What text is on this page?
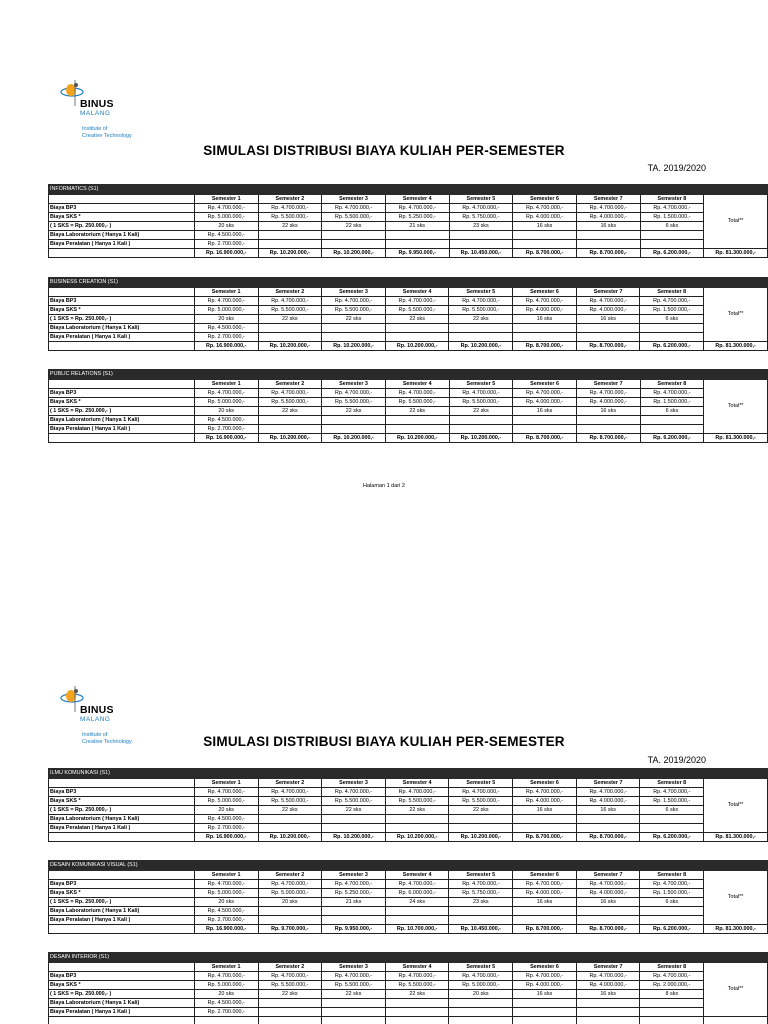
BINUS
MALANG
Institute of
Creative Technology
SIMULASI DISTRIBUSI BIAYA KULIAH PER-SEMESTER
TA. 2019/2020
INFORMATICS (S1)									
	Semester 1	Semester 2	Semester 3	Semester 4	Semester 5	Semester 6	Semester 7	Semester 8	Total**
Biaya BP3	Rp. 4.700.000,-	Rp. 4.700.000,-	Rp. 4.700.000,-	Rp. 4.700.000,-	Rp. 4.700.000,-	Rp. 4.700.000,-	Rp. 4.700.000,-	Rp. 4.700.000,-	
Biaya SKS *	Rp. 5.000.000,-	Rp. 5.500.000,-	Rp. 5.500.000,-	Rp. 5.250.000,-	Rp. 5.750.000,-	Rp. 4.000.000,-	Rp. 4.000.000,-	Rp. 1.500.000,-	
( 1 SKS = Rp. 250.000,- )	20 sks	22 sks	22 sks	21 sks	23 sks	16 sks	16 sks	6 sks	
Biaya Laboratorium ( Hanya 1 Kali)	Rp. 4.500.000,-								
Biaya Peralatan ( Hanya 1 Kali )	Rp. 2.700.000,-								
	Rp. 16.900.000,-	Rp. 10.200.000,-	Rp. 10.200.000,-	Rp. 9.950.000,-	Rp. 10.450.000,-	Rp. 8.700.000,-	Rp. 8.700.000,-	Rp. 6.200.000,-	Rp. 81.300.000,-
BUSINESS CREATION (S1)									
	Semester 1	Semester 2	Semester 3	Semester 4	Semester 5	Semester 6	Semester 7	Semester 8	Total**
Biaya BP3	Rp. 4.700.000,-	Rp. 4.700.000,-	Rp. 4.700.000,-	Rp. 4.700.000,-	Rp. 4.700.000,-	Rp. 4.700.000,-	Rp. 4.700.000,-	Rp. 4.700.000,-	
Biaya SKS *	Rp. 5.000.000,-	Rp. 5.500.000,-	Rp. 5.500.000,-	Rp. 5.500.000,-	Rp. 5.500.000,-	Rp. 4.000.000,-	Rp. 4.000.000,-	Rp. 1.500.000,-	
( 1 SKS = Rp. 250.000,- )	20 sks	22 sks	22 sks	22 sks	22 sks	16 sks	16 sks	6 sks	
Biaya Laboratorium ( Hanya 1 Kali)	Rp. 4.500.000,-								
Biaya Peralatan ( Hanya 1 Kali )	Rp. 2.700.000,-								
	Rp. 16.900.000,-	Rp. 10.200.000,-	Rp. 10.200.000,-	Rp. 10.200.000,-	Rp. 10.200.000,-	Rp. 8.700.000,-	Rp. 8.700.000,-	Rp. 6.200.000,-	Rp. 81.300.000,-
PUBLIC RELATIONS (S1)									
	Semester 1	Semester 2	Semester 3	Semester 4	Semester 5	Semester 6	Semester 7	Semester 8	Total**
Biaya BP3	Rp. 4.700.000,-	Rp. 4.700.000,-	Rp. 4.700.000,-	Rp. 4.700.000,-	Rp. 4.700.000,-	Rp. 4.700.000,-	Rp. 4.700.000,-	Rp. 4.700.000,-	
Biaya SKS *	Rp. 5.000.000,-	Rp. 5.500.000,-	Rp. 5.500.000,-	Rp. 5.500.000,-	Rp. 5.500.000,-	Rp. 4.000.000,-	Rp. 4.000.000,-	Rp. 1.500.000,-	
( 1 SKS = Rp. 250.000,- )	20 sks	22 sks	22 sks	22 sks	22 sks	16 sks	16 sks	6 sks	
Biaya Laboratorium ( Hanya 1 Kali)	Rp. 4.500.000,-								
Biaya Peralatan ( Hanya 1 Kali )	Rp. 2.700.000,-								
	Rp. 16.900.000,-	Rp. 10.200.000,-	Rp. 10.200.000,-	Rp. 10.200.000,-	Rp. 10.200.000,-	Rp. 8.700.000,-	Rp. 8.700.000,-	Rp. 6.200.000,-	Rp. 81.300.000,-
Halaman 1 dari 2
BINUS
MALANG
Institute of
Creative Technology	SIMULASI DISTRIBUSI BIAYA KULIAH PER-SEMESTER
TA. 2019/2020
ILMU KOMUNIKASI (S1)									
	Semester 1	Semester 2	Semester 3	Semester 4	Semester 5	Semester 6	Semester 7	Semester 8	Total**
Biaya BP3	Rp. 4.700.000,-	Rp. 4.700.000,-	Rp. 4.700.000,-	Rp. 4.700.000,-	Rp. 4.700.000,-	Rp. 4.700.000,-	Rp. 4.700.000,-	Rp. 4.700.000,-	
Biaya SKS *	Rp. 5.000.000,-	Rp. 5.500.000,-	Rp. 5.500.000,-	Rp. 5.500.000,-	Rp. 5.500.000,-	Rp. 4.000.000,-	Rp. 4.000.000,-	Rp. 1.500.000,-	
( 1 SKS = Rp. 250.000,- )	20 sks	22 sks	22 sks	22 sks	22 sks	16 sks	16 sks	6 sks	
Biaya Laboratorium ( Hanya 1 Kali)	Rp. 4.500.000,-								
Biaya Peralatan ( Hanya 1 Kali )	Rp. 2.700.000,-								
	Rp. 16.900.000,-	Rp. 10.200.000,-	Rp. 10.200.000,-	Rp. 10.200.000,-	Rp. 10.200.000,-	Rp. 8.700.000,-	Rp. 8.700.000,-	Rp. 6.200.000,-	Rp. 81.300.000,-
DESAIN KOMUNIKASI VISUAL (S1)									
	Semester 1	Semester 2	Semester 3	Semester 4	Semester 5	Semester 6	Semester 7	Semester 8	Total**
Biaya BP3	Rp. 4.700.000,-	Rp. 4.700.000,-	Rp. 4.700.000,-	Rp. 4.700.000,-	Rp. 4.700.000,-	Rp. 4.700.000,-	Rp. 4.700.000,-	Rp. 4.700.000,-	
Biaya SKS *	Rp. 5.000.000,-	Rp. 5.000.000,-	Rp. 5.250.000,-	Rp. 6.000.000,-	Rp. 5.750.000,-	Rp. 4.000.000,-	Rp. 4.000.000,-	Rp. 1.500.000,-	
( 1 SKS = Rp. 250.000,- )	20 sks	20 sks	21 sks	24 sks	23 sks	16 sks	16 sks	6 sks	
Biaya Laboratorium ( Hanya 1 Kali)	Rp. 4.500.000,-								
Biaya Peralatan ( Hanya 1 Kali )	Rp. 2.700.000,-								
	Rp. 16.900.000,-	Rp. 9.700.000,-	Rp. 9.950.000,-	Rp. 10.700.000,-	Rp. 10.450.000,-	Rp. 8.700.000,-	Rp. 8.700.000,-	Rp. 6.200.000,-	Rp. 81.300.000,-
DESAIN INTERIOR (S1)									
	Semester 1	Semester 2	Semester 3	Semester 4	Semester 5	Semester 6	Semester 7	Semester 8	Total**
Biaya BP3	Rp. 4.700.000,-	Rp. 4.700.000,-	Rp. 4.700.000,-	Rp. 4.700.000,-	Rp. 4.700.000,-	Rp. 4.700.000,-	Rp. 4.700.000,-	Rp. 4.700.000,-	
Biaya SKS *	Rp. 5.000.000,-	Rp. 5.500.000,-	Rp. 5.500.000,-	Rp. 5.500.000,-	Rp. 5.000.000,-	Rp. 4.000.000,-	Rp. 4.000.000,-	Rp. 2.000.000,-	
( 1 SKS = Rp. 250.000,- )	20 sks	22 sks	22 sks	22 sks	20 sks	16 sks	16 sks	8 sks	
Biaya Laboratorium ( Hanya 1 Kali)	Rp. 4.500.000,-								
Biaya Peralatan ( Hanya 1 Kali )	Rp. 2.700.000,-								
